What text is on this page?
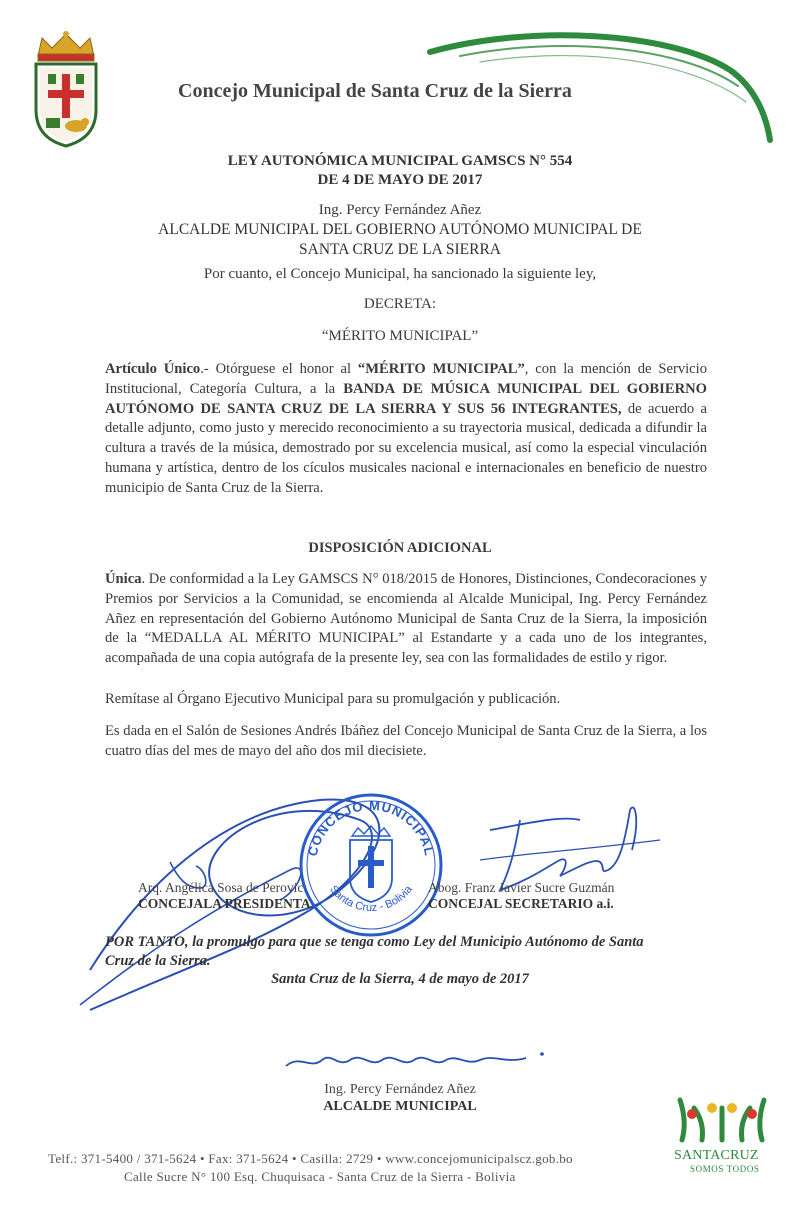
Concejo Municipal de Santa Cruz de la Sierra
LEY AUTONÓMICA MUNICIPAL GAMSCS N° 554
DE 4 DE MAYO DE 2017
Ing. Percy Fernández Añez
ALCALDE MUNICIPAL DEL GOBIERNO AUTÓNOMO MUNICIPAL DE
SANTA CRUZ DE LA SIERRA
Por cuanto, el Concejo Municipal, ha sancionado la siguiente ley,
DECRETA:
“MÉRITO MUNICIPAL”
Artículo Único.- Otórguese el honor al “MÉRITO MUNICIPAL”, con la mención de Servicio Institucional, Categoría Cultura, a la BANDA DE MÚSICA MUNICIPAL DEL GOBIERNO AUTÓNOMO DE SANTA CRUZ DE LA SIERRA Y SUS 56 INTEGRANTES, de acuerdo a detalle adjunto, como justo y merecido reconocimiento a su trayectoria musical, dedicada a difundir la cultura a través de la música, demostrado por su excelencia musical, así como la especial vinculación humana y artística, dentro de los cículos musicales nacional e internacionales en beneficio de nuestro municipio de Santa Cruz de la Sierra.
DISPOSICIÓN ADICIONAL
Única. De conformidad a la Ley GAMSCS N° 018/2015 de Honores, Distinciones, Condecoraciones y Premios por Servicios a la Comunidad, se encomienda al Alcalde Municipal, Ing. Percy Fernández Añez en representación del Gobierno Autónomo Municipal de Santa Cruz de la Sierra, la imposición de la “MEDALLA AL MÉRITO MUNICIPAL” al Estandarte y a cada uno de los integrantes, acompañada de una copia autógrafa de la presente ley, sea con las formalidades de estilo y rigor.
Remítase al Órgano Ejecutivo Municipal para su promulgación y publicación.
Es dada en el Salón de Sesiones Andrés Ibáñez del Concejo Municipal de Santa Cruz de la Sierra, a los cuatro días del mes de mayo del año dos mil diecisiete.
CONCEJO MUNICIPAL
Santa Cruz - Bolivia
Arq. Angélica Sosa de Perovic
CONCEJALA PRESIDENTA
Abog. Franz Javier Sucre Guzmán
CONCEJAL SECRETARIO a.i.
POR TANTO, la promulgo para que se tenga como Ley del Municipio Autónomo de Santa Cruz de la Sierra.
Santa Cruz de la Sierra, 4 de mayo de 2017
Ing. Percy Fernández Añez
ALCALDE MUNICIPAL
Telf.: 371-5400 / 371-5624 • Fax: 371-5624 • Casilla: 2729 • www.concejomunicipalscz.gob.bo
Calle Sucre N° 100 Esq. Chuquisaca - Santa Cruz de la Sierra - Bolivia
SANTACRUZ
SOMOS TODOS
